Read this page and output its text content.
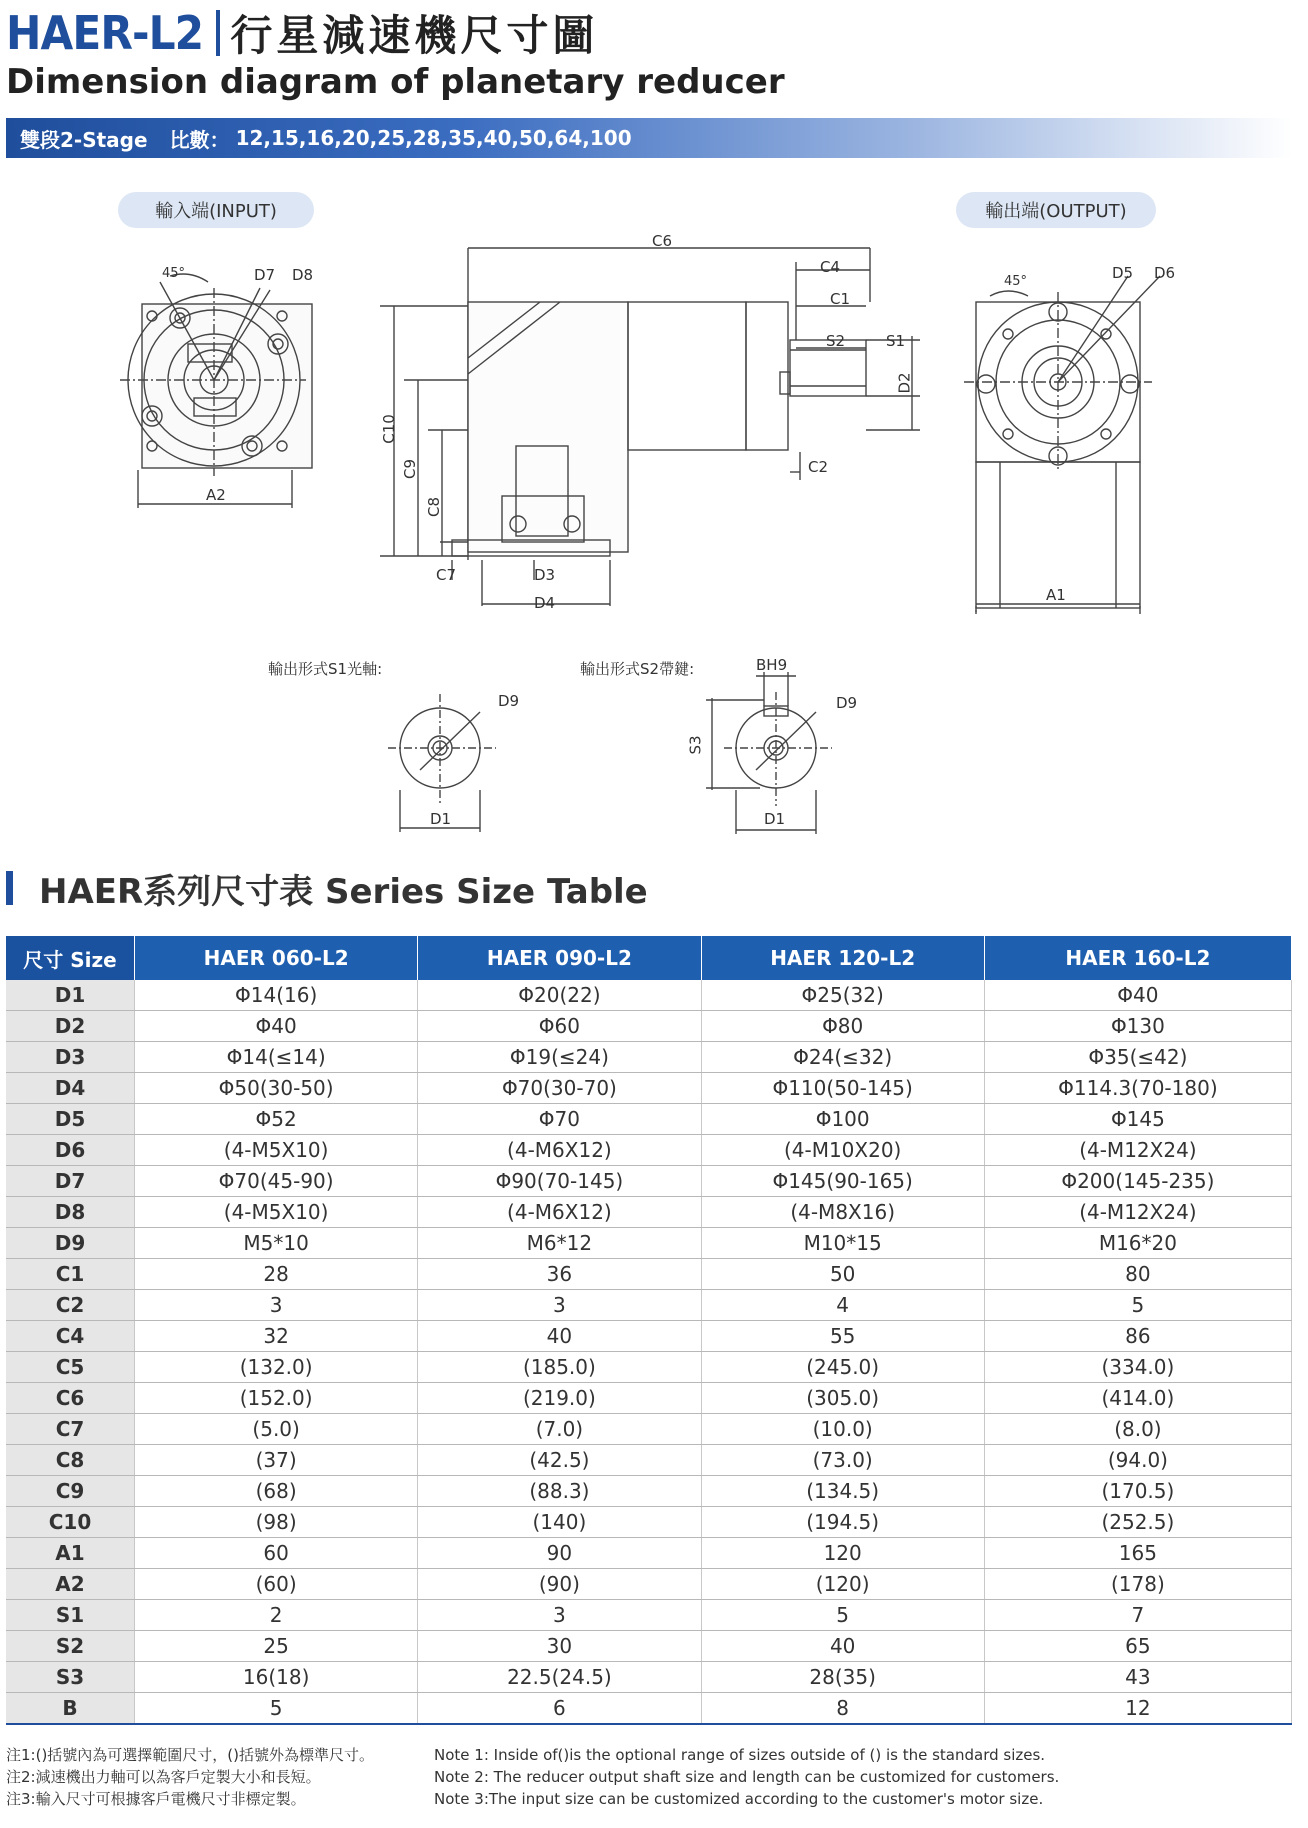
HAER-L2 行星減速機尺寸圖
Dimension diagram of planetary reducer
雙段2-Stage 比數： 12,15,16,20,25,28,35,40,50,64,100
輸入端(INPUT)	輸出端(OUTPUT)
45°	D7 D8
A2
C6
C4
C1
S2	S1
D2
C10
C9
C8
C2
C7	D3
D4
45°	D5 D6
A1
輸出形式S1光軸:	輸出形式S2帶鍵:
D9
D1
BH9
D9
S3
D1
HAER系列尺寸表 Series Size Table
尺寸 Size	HAER 060-L2	HAER 090-L2	HAER 120-L2	HAER 160-L2
D1	Φ14(16)	Φ20(22)	Φ25(32)	Φ40
D2	Φ40	Φ60	Φ80	Φ130
D3	Φ14(≤14)	Φ19(≤24)	Φ24(≤32)	Φ35(≤42)
D4	Φ50(30-50)	Φ70(30-70)	Φ110(50-145)	Φ114.3(70-180)
D5	Φ52	Φ70	Φ100	Φ145
D6	(4-M5X10)	(4-M6X12)	(4-M10X20)	(4-M12X24)
D7	Φ70(45-90)	Φ90(70-145)	Φ145(90-165)	Φ200(145-235)
D8	(4-M5X10)	(4-M6X12)	(4-M8X16)	(4-M12X24)
D9	M5*10	M6*12	M10*15	M16*20
C1	28	36	50	80
C2	3	3	4	5
C4	32	40	55	86
C5	(132.0)	(185.0)	(245.0)	(334.0)
C6	(152.0)	(219.0)	(305.0)	(414.0)
C7	(5.0)	(7.0)	(10.0)	(8.0)
C8	(37)	(42.5)	(73.0)	(94.0)
C9	(68)	(88.3)	(134.5)	(170.5)
C10	(98)	(140)	(194.5)	(252.5)
A1	60	90	120	165
A2	(60)	(90)	(120)	(178)
S1	2	3	5	7
S2	25	30	40	65
S3	16(18)	22.5(24.5)	28(35)	43
B	5	6	8	12
注1:()括號內為可選擇範圍尺寸，()括號外為標準尺寸。
注2:減速機出力軸可以為客戶定製大小和長短。
注3:輸入尺寸可根據客戶電機尺寸非標定製。
Note 1: Inside of()is the optional range of sizes outside of () is the standard sizes.
Note 2: The reducer output shaft size and length can be customized for customers.
Note 3:The input size can be customized according to the customer's motor size.
